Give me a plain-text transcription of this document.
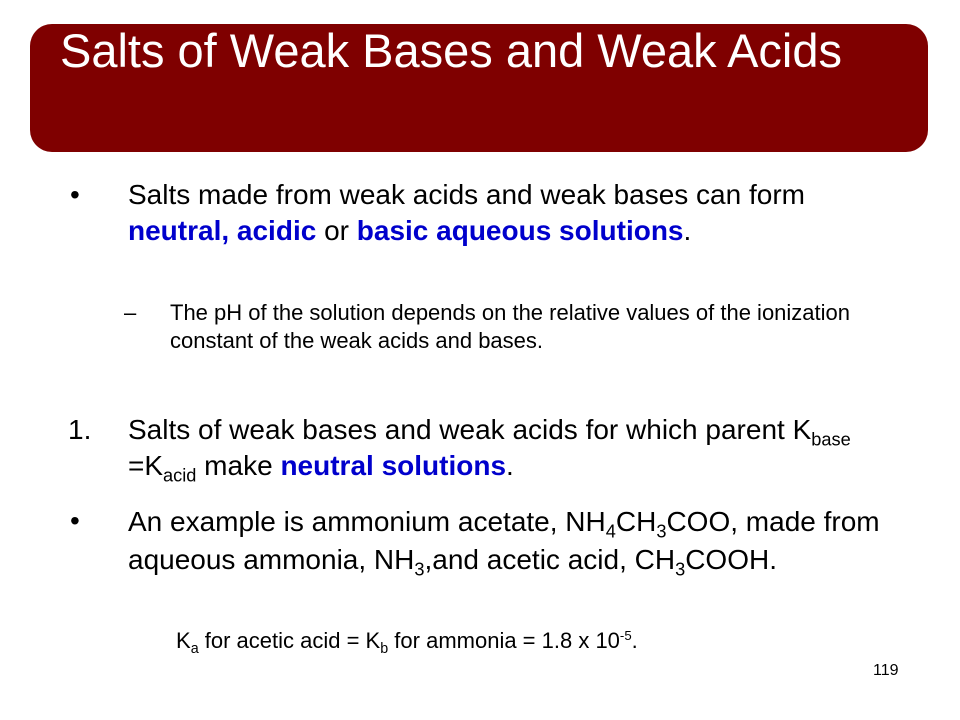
Salts of Weak Bases and Weak Acids
• Salts made from weak acids and weak bases can form neutral, acidic or basic aqueous solutions.

– The pH of the solution depends on the relative values of the ionization constant of the weak acids and bases.

1. Salts of weak bases and weak acids for which parent $K_{base} =K_{acid}$ make neutral solutions.

• An example is ammonium acetate, $NH_4CH_3COO$, made from aqueous ammonia, $NH_3,and$ acetic acid, $CH_3COOH$.

$K_a$ for acetic acid = $K_b$ for ammonia = 1.8 x $10^{-5}$.

119
